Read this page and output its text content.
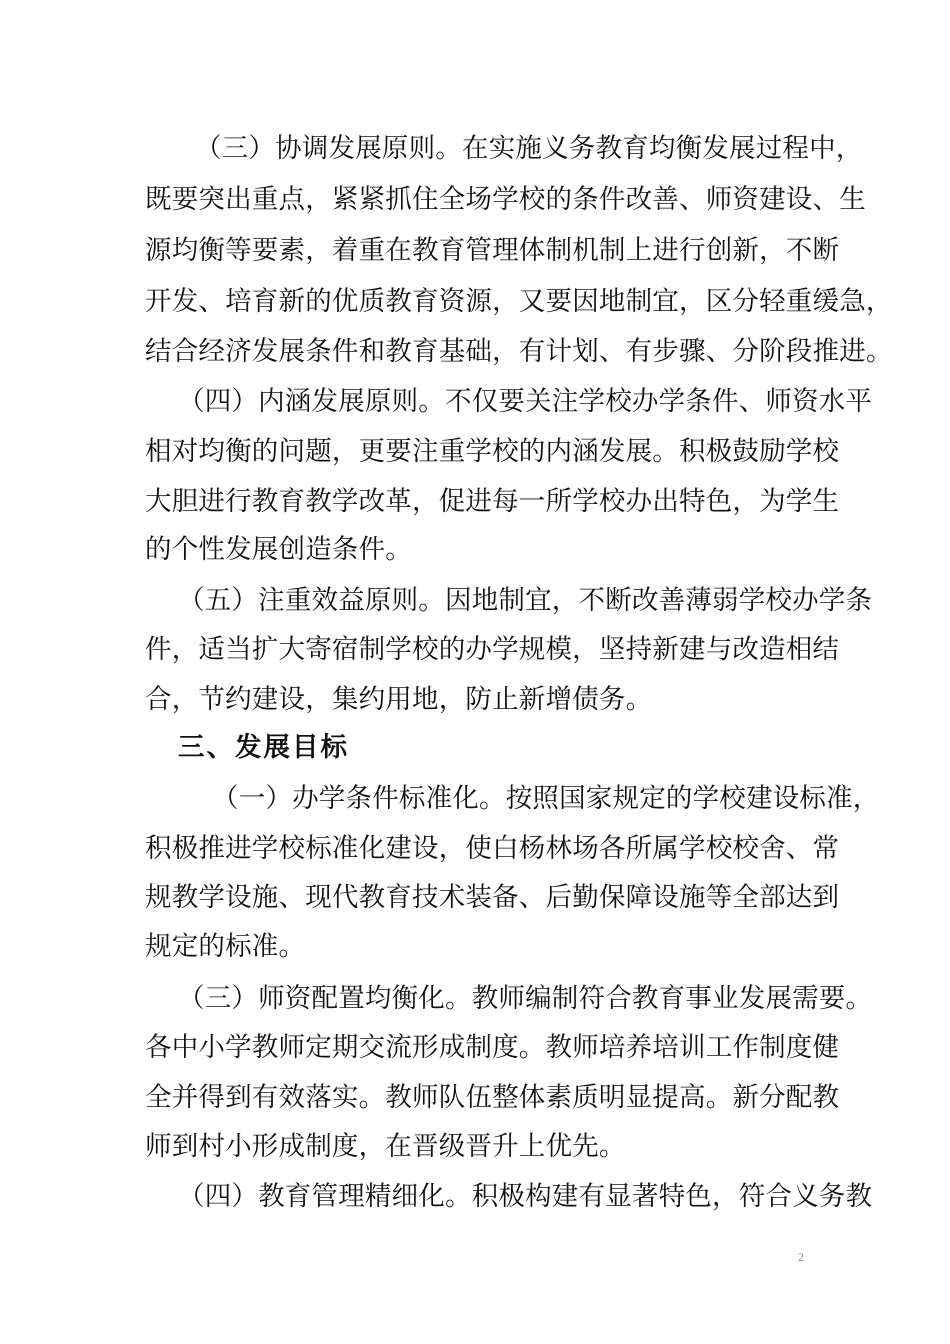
（三）协调发展原则。在实施义务教育均衡发展过程中，
既要突出重点，紧紧抓住全场学校的条件改善、师资建设、生
源均衡等要素，着重在教育管理体制机制上进行创新，不断
开发、培育新的优质教育资源，又要因地制宜，区分轻重缓急，
结合经济发展条件和教育基础，有计划、有步骤、分阶段推进。
（四）内涵发展原则。不仅要关注学校办学条件、师资水平
相对均衡的问题，更要注重学校的内涵发展。积极鼓励学校
大胆进行教育教学改革，促进每一所学校办出特色，为学生
的个性发展创造条件。
（五）注重效益原则。因地制宜，不断改善薄弱学校办学条
件，适当扩大寄宿制学校的办学规模，坚持新建与改造相结
合，节约建设，集约用地，防止新增债务。
三、发展目标
（一）办学条件标准化。按照国家规定的学校建设标准，
积极推进学校标准化建设，使白杨林场各所属学校校舍、常
规教学设施、现代教育技术装备、后勤保障设施等全部达到
规定的标准。
（三）师资配置均衡化。教师编制符合教育事业发展需要。
各中小学教师定期交流形成制度。教师培养培训工作制度健
全并得到有效落实。教师队伍整体素质明显提高。新分配教
师到村小形成制度，在晋级晋升上优先。
（四）教育管理精细化。积极构建有显著特色，符合义务教
2
